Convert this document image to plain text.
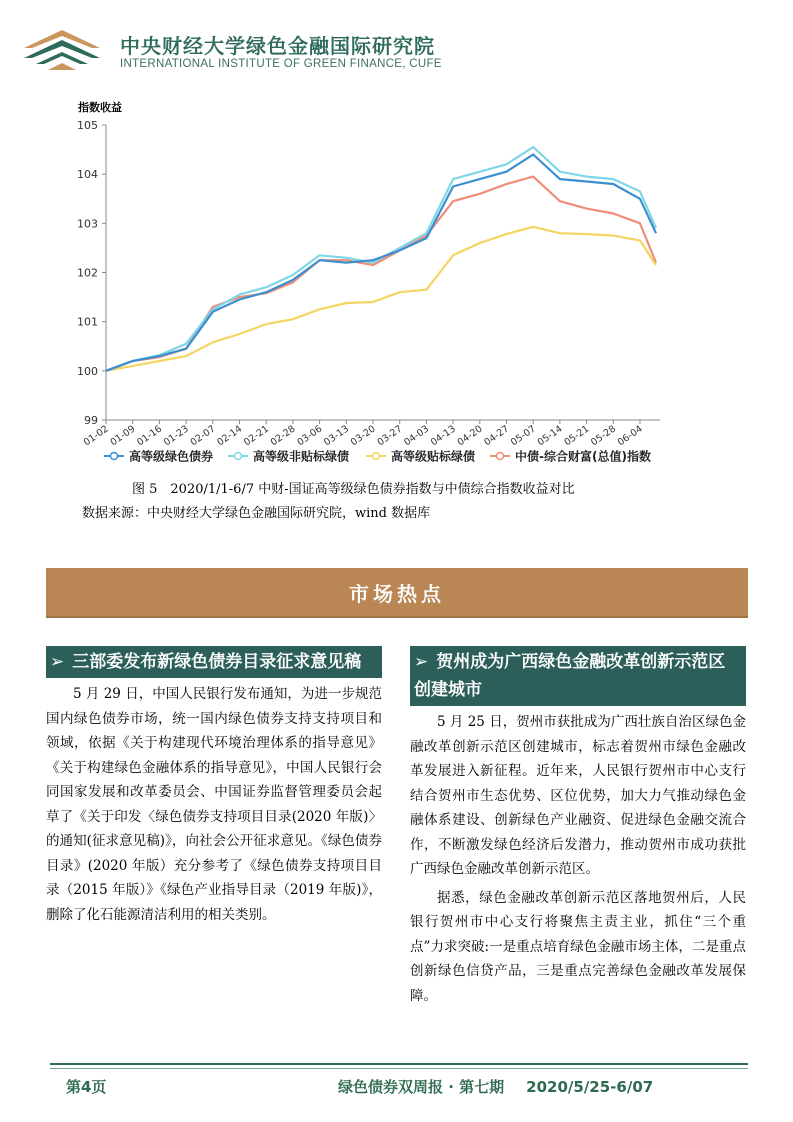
中央财经大学绿色金融国际研究院
INTERNATIONAL INSTITUTE OF GREEN FINANCE, CUFE
指数收益
99
100
101
102
103
104
105
01-02
01-09
01-16
01-23
02-07
02-14
02-21
02-28
03-06
03-13
03-20
03-27
04-03
04-13
04-20
04-27
05-07
05-14
05-21
05-28
06-04
高等级绿色债券	高等级非贴标绿债	高等级贴标绿债	中债-综合财富(总值)指数
图 5　2020/1/1-6/7 中财-国证高等级绿色债券指数与中债综合指数收益对比
数据来源：中央财经大学绿色金融国际研究院，wind 数据库
市场热点
➢ 三部委发布新绿色债券目录征求意见稿

5 月 29 日，中国人民银行发布通知，为进一步规范国内绿色债券市场，统一国内绿色债券支持支持项目和领域，依据《关于构建现代环境治理体系的指导意见》《关于构建绿色金融体系的指导意见》，中国人民银行会同国家发展和改革委员会、中国证券监督管理委员会起草了《关于印发〈绿色债券支持项目目录(2020 年版)〉的通知(征求意见稿)》，向社会公开征求意见。《绿色债券目录》(2020 年版）充分参考了《绿色债券支持项目目录（2015 年版）》《绿色产业指导目录（2019 年版)》，删除了化石能源清洁利用的相关类别。

➢ 贺州成为广西绿色金融改革创新示范区创建城市

5 月 25 日，贺州市获批成为广西壮族自治区绿色金融改革创新示范区创建城市，标志着贺州市绿色金融改革发展进入新征程。近年来，人民银行贺州市中心支行结合贺州市生态优势、区位优势，加大力气推动绿色金融体系建设、创新绿色产业融资、促进绿色金融交流合作，不断激发绿色经济后发潜力，推动贺州市成功获批广西绿色金融改革创新示范区。

据悉，绿色金融改革创新示范区落地贺州后，人民银行贺州市中心支行将聚焦主责主业，抓住“三个重点”力求突破:一是重点培育绿色金融市场主体，二是重点创新绿色信贷产品，三是重点完善绿色金融改革发展保障。

第4页	绿色债券双周报 · 第七期 2020/5/25-6/07
